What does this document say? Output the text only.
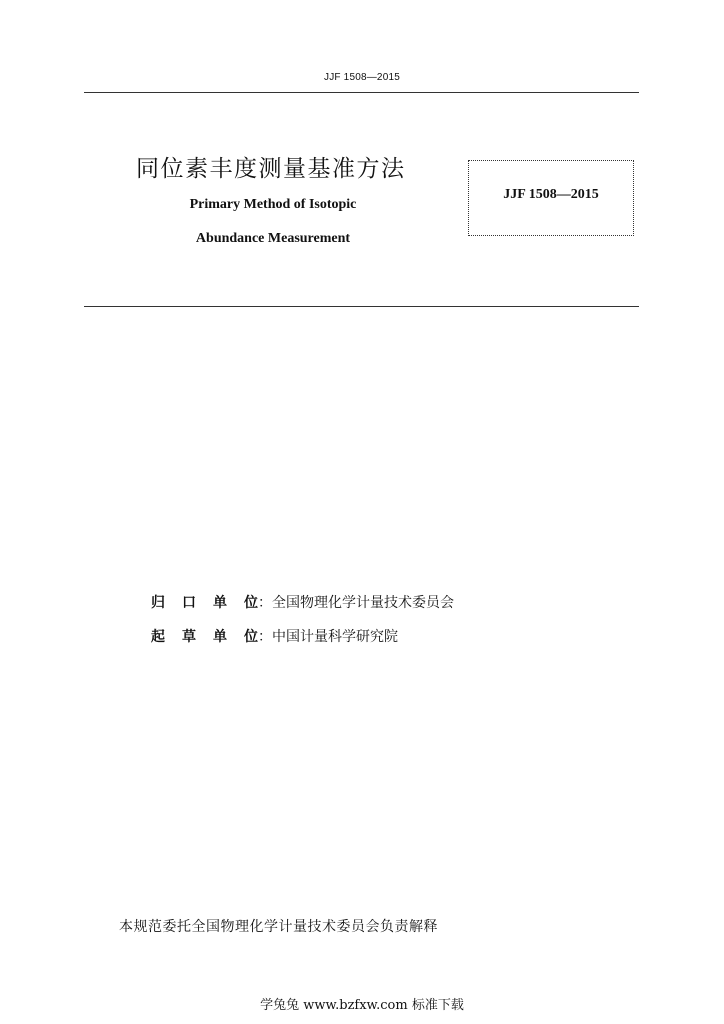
JJF 1508—2015
同位素丰度测量基准方法
Primary Method of Isotopic
Abundance Measurement
JJF 1508—2015
归 口 单 位 ： 全国物理化学计量技术委员会
起 草 单 位 ： 中国计量科学研究院
本规范委托全国物理化学计量技术委员会负责解释
学兔兔 www.bzfxw.com 标准下载
